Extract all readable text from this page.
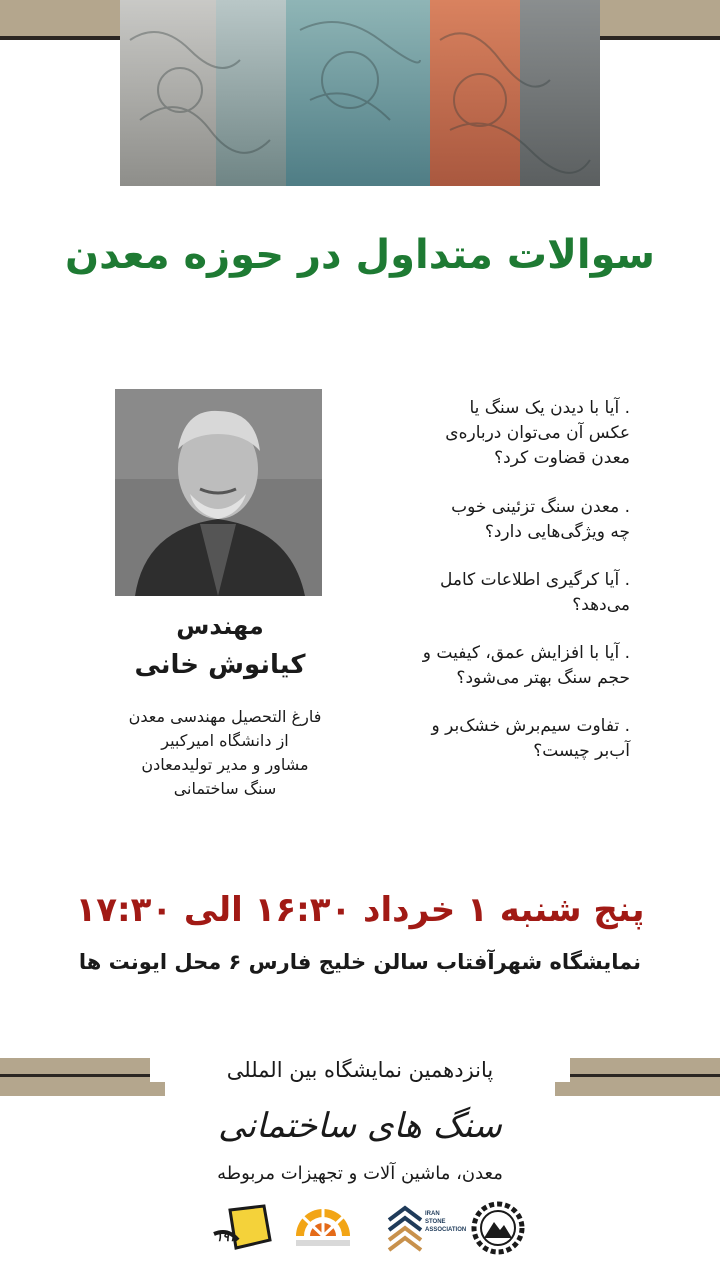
سوالات متداول در حوزه معدن
مهندس
کیانوش خانی
فارغ التحصیل مهندسی معدن
از دانشگاه امیرکبیر
مشاور و مدیر تولیدمعادن
سنگ ساختمانی
. آیا با دیدن یک سنگ یا
عکس آن می‌توان درباره‌ی
معدن قضاوت کرد؟
. معدن سنگ تزئینی خوب
چه ویژگی‌هایی دارد؟
. آیا کرگیری اطلاعات کامل
می‌دهد؟
. آیا با افزایش عمق، کیفیت و
حجم سنگ بهتر می‌شود؟
. تفاوت سیم‌برش خشک‌بر و
آب‌بر چیست؟
پنج شنبه ۱ خرداد ۱۶:۳۰ الی ۱۷:۳۰
نمایشگاه شهرآفتاب سالن خلیج فارس ۶ محل ایونت ها
پانزدهمین نمایشگاه بین المللی
سنگ های ساختمانی
معدن، ماشین آلات و تجهیزات مربوطه
IRAN
STONE
ASSOCIATION
۱۹۱
